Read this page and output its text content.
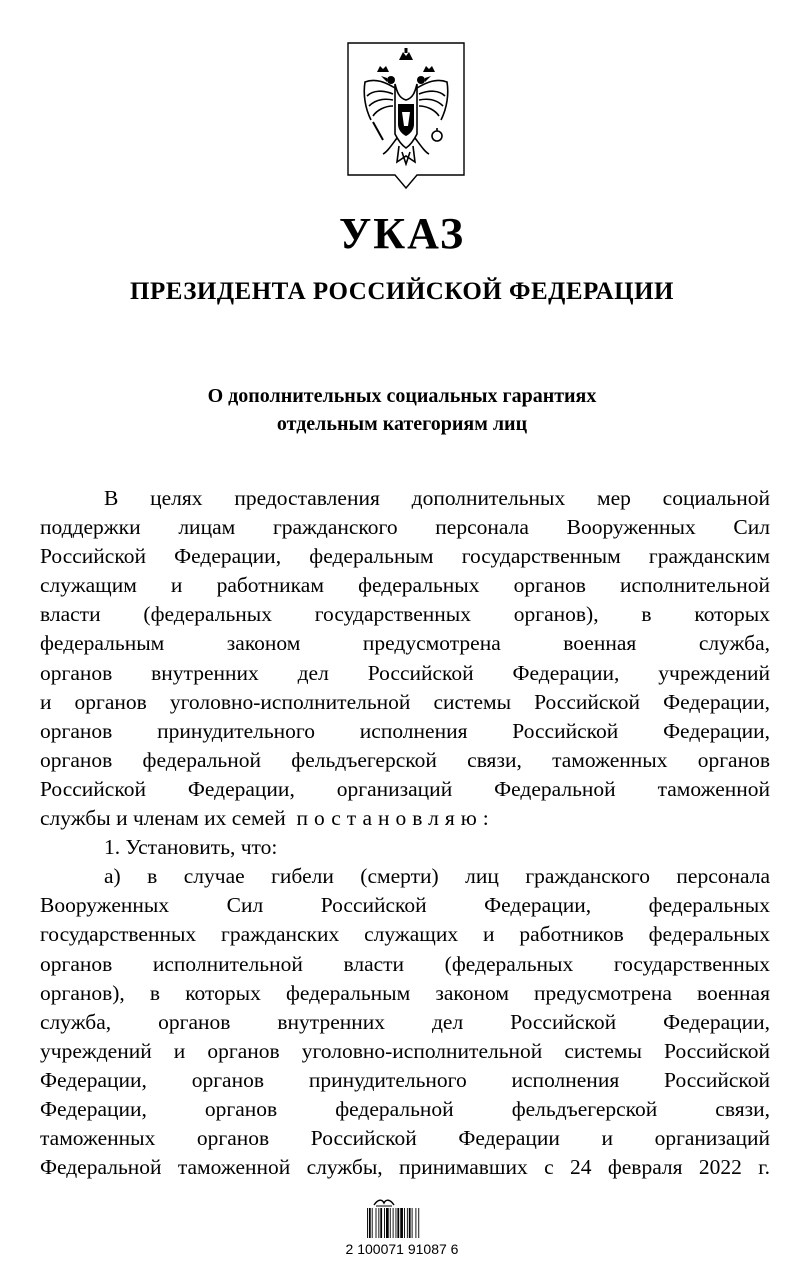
УКАЗ
ПРЕЗИДЕНТА РОССИЙСКОЙ ФЕДЕРАЦИИ
О дополнительных социальных гарантиях
отдельным категориям лиц
В целях предоставления дополнительных мер социальной
поддержки лицам гражданского персонала Вооруженных Сил
Российской Федерации, федеральным государственным гражданским
служащим и работникам федеральных органов исполнительной
власти (федеральных государственных органов), в которых
федеральным законом предусмотрена военная служба,
органов внутренних дел Российской Федерации, учреждений
и органов уголовно-исполнительной системы Российской Федерации,
органов принудительного исполнения Российской Федерации,
органов федеральной фельдъегерской связи, таможенных органов
Российской Федерации, организаций Федеральной таможенной
службы и членам их семей постановляю:
1. Установить, что:
а) в случае гибели (смерти) лиц гражданского персонала
Вооруженных Сил Российской Федерации, федеральных
государственных гражданских служащих и работников федеральных
органов исполнительной власти (федеральных государственных
органов), в которых федеральным законом предусмотрена военная
служба, органов внутренних дел Российской Федерации,
учреждений и органов уголовно-исполнительной системы Российской
Федерации, органов принудительного исполнения Российской
Федерации, органов федеральной фельдъегерской связи,
таможенных органов Российской Федерации и организаций
Федеральной таможенной службы, принимавших с 24 февраля 2022 г.
2 100071 91087 6
